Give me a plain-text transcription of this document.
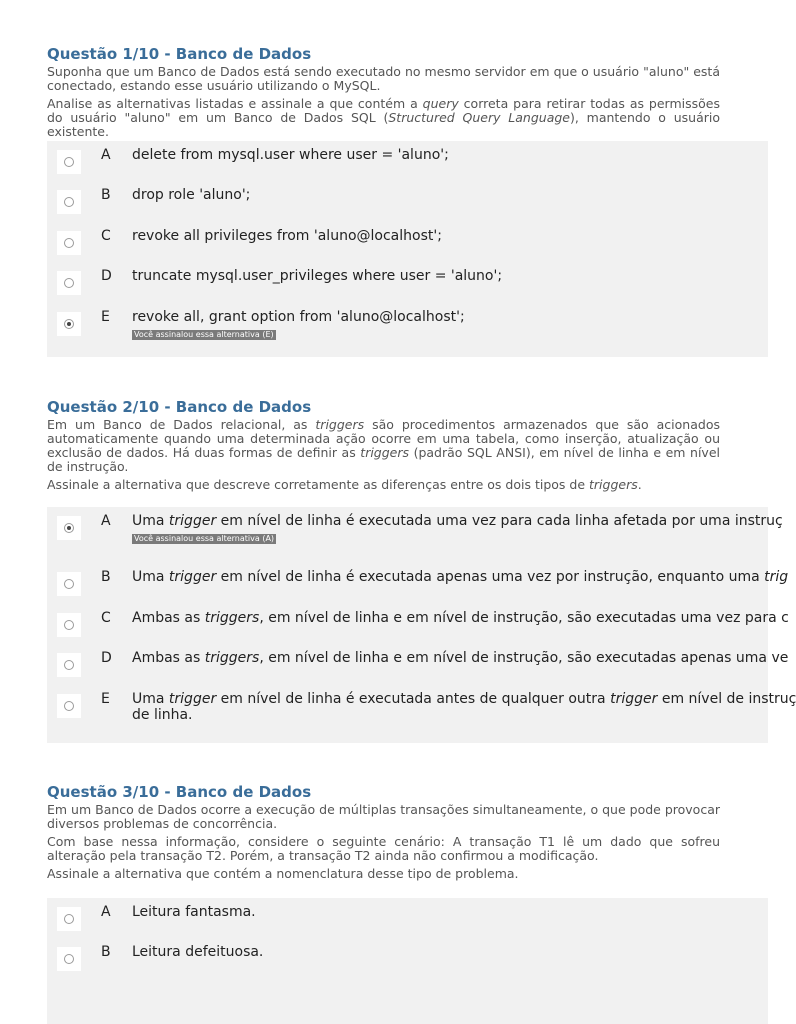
Questão 1/10 - Banco de Dados

Suponha que um Banco de Dados está sendo executado no mesmo servidor em que o usuário "aluno" está conectado, estando esse usuário utilizando o MySQL.

Analise as alternativas listadas e assinale a que contém a query correta para retirar todas as permissões do usuário "aluno" em um Banco de Dados SQL (Structured Query Language), mantendo o usuário existente.

A delete from mysql.user where user = 'aluno';
B drop role 'aluno';
C revoke all privileges from 'aluno@localhost';
D truncate mysql.user_privileges where user = 'aluno';
E revoke all, grant option from 'aluno@localhost';
Você assinalou essa alternativa (E)
Questão 2/10 - Banco de Dados

Em um Banco de Dados relacional, as triggers são procedimentos armazenados que são acionados automaticamente quando uma determinada ação ocorre em uma tabela, como inserção, atualização ou exclusão de dados. Há duas formas de definir as triggers (padrão SQL ANSI), em nível de linha e em nível de instrução.

Assinale a alternativa que descreve corretamente as diferenças entre os dois tipos de triggers.

A Uma trigger em nível de linha é executada uma vez para cada linha afetada por uma instruç
Você assinalou essa alternativa (A)
B Uma trigger em nível de linha é executada apenas uma vez por instrução, enquanto uma trig
C Ambas as triggers, em nível de linha e em nível de instrução, são executadas uma vez para c
D Ambas as triggers, em nível de linha e em nível de instrução, são executadas apenas uma ve
E Uma trigger em nível de linha é executada antes de qualquer outra trigger em nível de instruç
de linha.
Questão 3/10 - Banco de Dados

Em um Banco de Dados ocorre a execução de múltiplas transações simultaneamente, o que pode provocar diversos problemas de concorrência.

Com base nessa informação, considere o seguinte cenário: A transação T1 lê um dado que sofreu alteração pela transação T2. Porém, a transação T2 ainda não confirmou a modificação.

Assinale a alternativa que contém a nomenclatura desse tipo de problema.

A Leitura fantasma.
B Leitura defeituosa.
